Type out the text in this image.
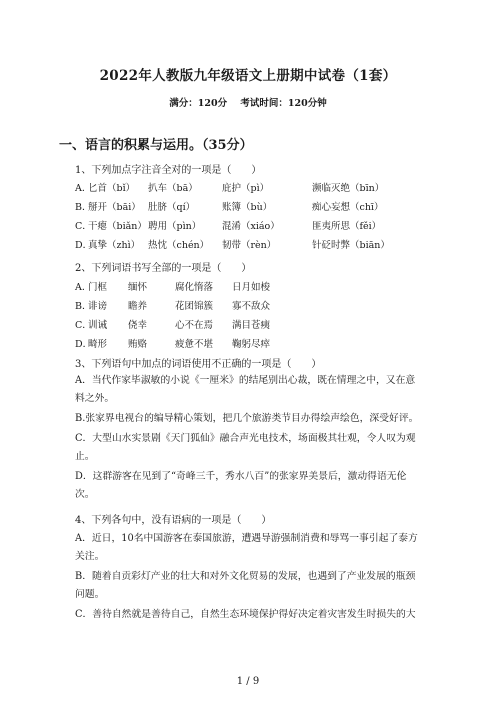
2022年人教版九年级语文上册期中试卷（1套）
满分：120分 考试时间：120分钟
一、语言的积累与运用。（35分）
1、下列加点字注音全对的一项是（　　）
A．
匕首（bǐ） 扒车（bā）	庇护（pì）	濒临灭绝（bīn）
B．
掰开（bāi） 肚脐（qí）	账簿（bù）	痴心妄想（chī）
C．
干瘪（biǎn） 聘用（pìn） 混淆（xiáo）	匪夷所思（fěi）
D．
真挚（zhì） 热忱（chén） 韧带（rèn）	针砭时弊（biān）
2、下列词语书写全部的一项是（　　）
A．
门框 缅怀	腐化惰落 日月如梭
B．
诽谤 瞻养	花团锦簇 寡不敌众
C．
训诫 侥幸	心不在焉 满目苍痍
D．
畸形 贿赂	疲惫不堪 鞠躬尽瘁
3、下列语句中加点的词语使用不正确的一项是（　　）
A．当代作家毕淑敏的小说《一厘米》的结尾别出心裁，既在情理之中，又在意
料之外。
B.张家界电视台的编导精心策划，把几个旅游类节目办得绘声绘色，深受好评。
C．大型山水实景剧《天门狐仙》融合声光电技术，场面极其壮观，令人叹为观
止。
D．这群游客在见到了“奇峰三千，秀水八百”的张家界美景后，激动得语无伦
次。
4、下列各句中，没有语病的一项是（　　）
A．近日，10名中国游客在泰国旅游，遭遇导游强制消费和辱骂一事引起了泰方
关注。
B．随着自贡彩灯产业的壮大和对外文化贸易的发展，也遇到了产业发展的瓶颈
问题。
C．善待自然就是善待自己，自然生态环境保护得好决定着灾害发生时损失的大
1 / 9
